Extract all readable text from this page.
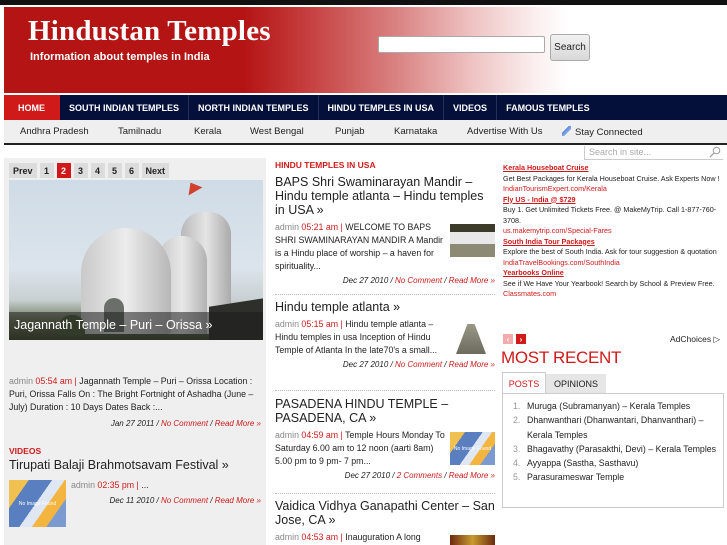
Hindustan Temples
Information about temples in India
Search
HOME	SOUTH INDIAN TEMPLES	NORTH INDIAN TEMPLES	HINDU TEMPLES IN USA	VIDEOS	FAMOUS TEMPLES
Andhra Pradesh	Tamilnadu	Kerala	West Bengal	Punjab	Karnataka	Advertise With Us	Stay Connected
Prev	1	2	3	4	5	6	Next
Jagannath Temple – Puri – Orissa »
admin 05:54 am | Jagannath Temple – Puri – Orissa Location : Puri, Orissa Falls On : The Bright Fortnight of Ashadha (June – July) Duration : 10 Days Dates Back :...
Jan 27 2011 / No Comment / Read More »
VIDEOS
Tirupati Balaji Brahmotsavam Festival »
No Image Found
admin 02:35 pm | ...
Dec 11 2010 / No Comment / Read More »
HINDU TEMPLES IN USA
BAPS Shri Swaminarayan Mandir – Hindu temple atlanta – Hindu temples in USA »
admin 05:21 am | WELCOME TO BAPS SHRI SWAMINARAYAN MANDIR A Mandir is a Hindu place of worship – a haven for spirituality...
Dec 27 2010 / No Comment / Read More »
Hindu temple atlanta »
admin 05:15 am | Hindu temple atlanta – Hindu temples in usa Inception of Hindu Temple of Atlanta In the late70's a small...
Dec 27 2010 / No Comment / Read More »
PASADENA HINDU TEMPLE – PASADENA, CA »
admin 04:59 am | Temple Hours Monday To Saturday 6.00 am to 12 noon (aarti 8am) 5.00 pm to 9 pm- 7 pm...
No Image Found
Dec 27 2010 / 2 Comments / Read More »
Vaidica Vidhya Ganapathi Center – San Jose, CA »
admin 04:53 am | Inauguration A long
Search in site...
Kerala Houseboat Cruise
Get Best Packages for Kerala Houseboat Cruise. Ask Experts Now !
IndianTourismExpert.com/Kerala
Fly US - India @ $729
Buy 1. Get Unlimited Tickets Free. @ MakeMyTrip. Call 1-877-760-3708.
us.makemytrip.com/Special-Fares
South India Tour Packages
Explore the best of South India. Ask for tour suggestion & quotation
IndiaTravelBookings.com/SouthIndia
Yearbooks Online
See if We Have Your Yearbook! Search by School & Preview Free.
Classmates.com
‹	›	AdChoices ▷
MOST RECENT
POSTS	OPINIONS
1. Muruga (Subramanyan) – Kerala Temples
2. Dhanwanthari (Dhanwantari, Dhanvanthari) – Kerala Temples
3. Bhagavathy (Parasakthi, Devi) – Kerala Temples
4. Ayyappa (Sastha, Sasthavu)
5. Parasurameswar Temple
